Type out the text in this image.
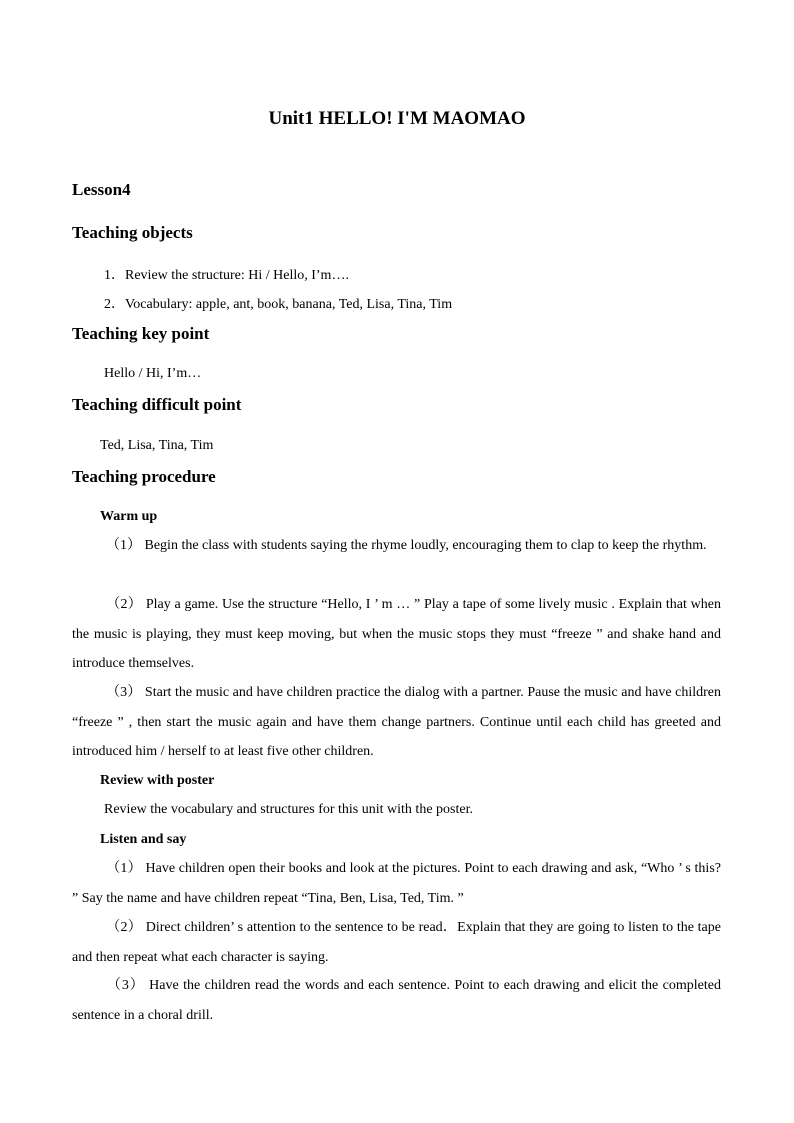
Unit1 HELLO! I'M MAOMAO
Lesson4
Teaching objects
1．Review the structure: Hi / Hello, I’m….
2．Vocabulary: apple, ant, book, banana, Ted, Lisa, Tina, Tim
Teaching key point
Hello / Hi, I’m…
Teaching difficult point
Ted, Lisa, Tina, Tim
Teaching procedure
Warm up
（1） Begin the class with students saying the rhyme loudly, encouraging them to clap to keep the rhythm.
（2） Play a game. Use the structure “Hello, I ’ m … ” Play a tape of some lively music . Explain that when the music is playing, they must keep moving, but when the music stops they must “freeze ” and shake hand and introduce themselves.
（3） Start the music and have children practice the dialog with a partner. Pause the music and have children “freeze ” , then start the music again and have them change partners. Continue until each child has greeted and introduced him / herself to at least five other children.
Review with poster
Review the vocabulary and structures for this unit with the poster.
Listen and say
（1） Have children open their books and look at the pictures. Point to each drawing and ask, “Who ’ s this? ” Say the name and have children repeat “Tina, Ben, Lisa, Ted, Tim. ”
（2） Direct children’ s attention to the sentence to be read．Explain that they are going to listen to the tape and then repeat what each character is saying.
（3） Have the children read the words and each sentence. Point to each drawing and elicit the completed sentence in a choral drill.
